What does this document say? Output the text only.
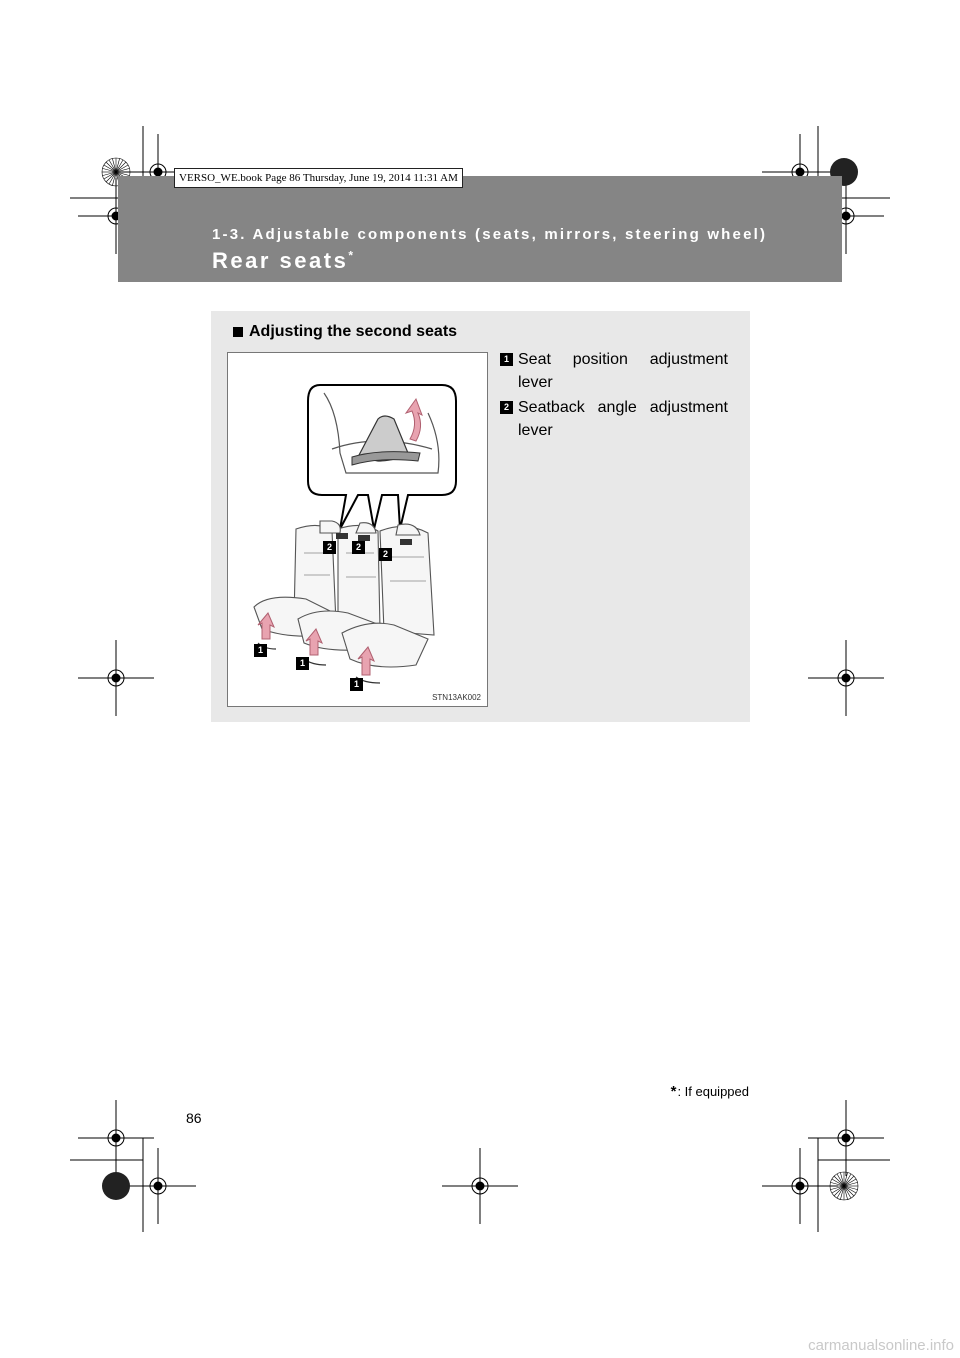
1-3. Adjustable components (seats, mirrors, steering wheel)
Rear seats*
VERSO_WE.book Page 86 Thursday, June 19, 2014 11:31 AM
Adjusting the second seats
2	2
2
1
1
1
STN13AK002
1 Seat position adjustment lever
2 Seatback angle adjustment lever
*: If equipped
86
carmanualsonline.info
